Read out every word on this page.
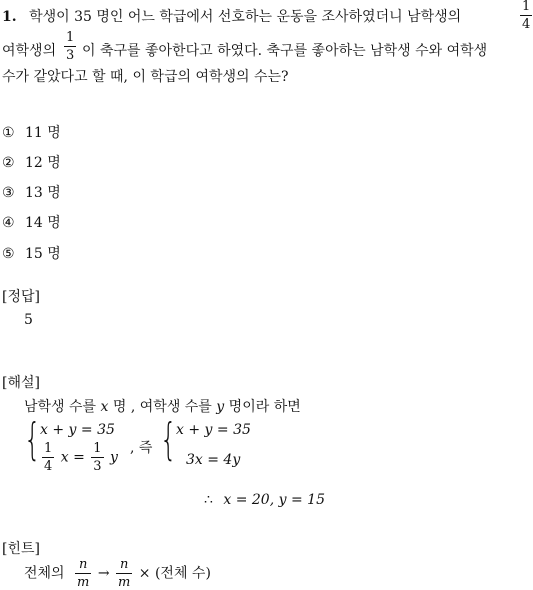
1. 학생이 35 명인 어느 학급에서 선호하는 운동을 조사하였더니 남학생의	$\frac{1}{4}$
여학생의 $\frac{1}{3}$ 이 축구를 좋아한다고 하였다. 축구를 좋아하는 남학생 수와 여학생
수가 같았다고 할 때, 이 학급의 여학생의 수는?
① 11 명
② 12 명
③ 13 명
④ 14 명
⑤ 15 명
[정답]
5
[해설]
남학생 수를 x 명 , 여학생 수를 y 명이라 하면
{ x + y = 35
$\frac{1}{4}$ $x = \frac{1}{3}$ y
, 즉 { x + y = 35
3x = 4y
∴ x = 20, y = 15
[힌트]
전체의 $\frac{n}{m} \to \frac{n}{m}$ × (전체 수)
